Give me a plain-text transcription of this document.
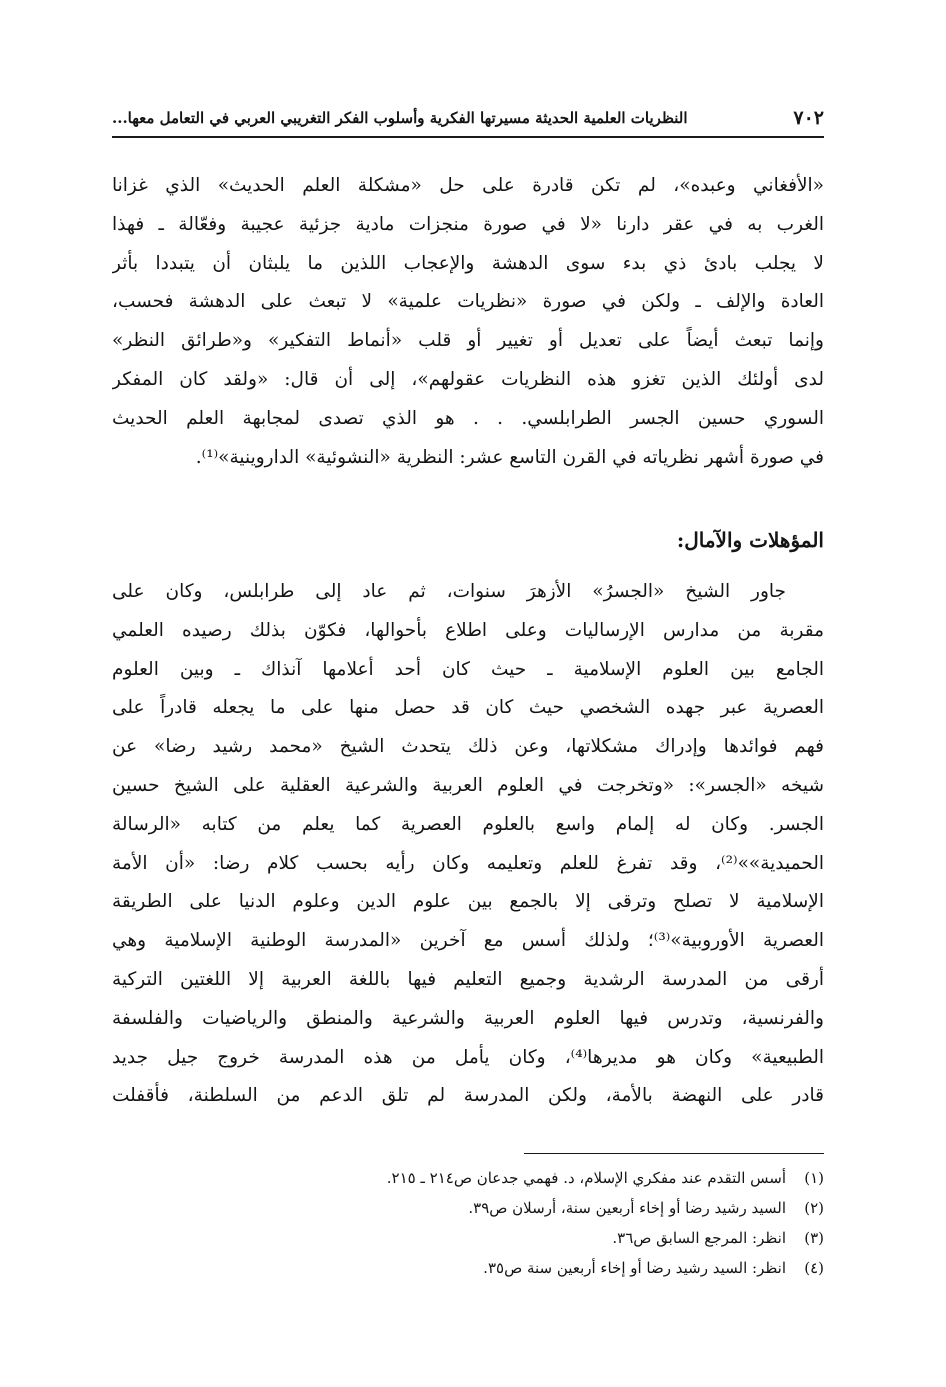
٧٠٢
النظريات العلمية الحديثة مسيرتها الفكرية وأسلوب الفكر التغريبي العربي في التعامل معها...
«الأفغاني وعبده»، لم تكن قادرة على حل «مشكلة العلم الحديث» الذي غزانا
الغرب به في عقر دارنا «لا في صورة منجزات مادية جزئية عجيبة وفعّالة ـ فهذا
لا يجلب بادئ ذي بدء سوى الدهشة والإعجاب اللذين ما يلبثان أن يتبددا بأثر
العادة والإلف ـ ولكن في صورة «نظريات علمية» لا تبعث على الدهشة فحسب،
وإنما تبعث أيضاً على تعديل أو تغيير أو قلب «أنماط التفكير» و«طرائق النظر»
لدى أولئك الذين تغزو هذه النظريات عقولهم»، إلى أن قال: «ولقد كان المفكر
السوري حسين الجسر الطرابلسي. . . هو الذي تصدى لمجابهة العلم الحديث
في صورة أشهر نظرياته في القرن التاسع عشر: النظرية «النشوئية» الداروينية»⁽¹⁾.
المؤهلات والآمال:
جاور الشيخ «الجسرُ» الأزهرَ سنوات، ثم عاد إلى طرابلس، وكان على
مقربة من مدارس الإرساليات وعلى اطلاع بأحوالها، فكوّن بذلك رصيده العلمي
الجامع بين العلوم الإسلامية ـ حيث كان أحد أعلامها آنذاك ـ وبين العلوم
العصرية عبر جهده الشخصي حيث كان قد حصل منها على ما يجعله قادراً على
فهم فوائدها وإدراك مشكلاتها، وعن ذلك يتحدث الشيخ «محمد رشيد رضا» عن
شيخه «الجسر»: «وتخرجت في العلوم العربية والشرعية العقلية على الشيخ حسين
الجسر. وكان له إلمام واسع بالعلوم العصرية كما يعلم من كتابه «الرسالة
الحميدية»»⁽²⁾، وقد تفرغ للعلم وتعليمه وكان رأيه بحسب كلام رضا: «أن الأمة
الإسلامية لا تصلح وترقى إلا بالجمع بين علوم الدين وعلوم الدنيا على الطريقة
العصرية الأوروبية»⁽³⁾؛ ولذلك أسس مع آخرين «المدرسة الوطنية الإسلامية وهي
أرقى من المدرسة الرشدية وجميع التعليم فيها باللغة العربية إلا اللغتين التركية
والفرنسية، وتدرس فيها العلوم العربية والشرعية والمنطق والرياضيات والفلسفة
الطبيعية» وكان هو مديرها⁽⁴⁾، وكان يأمل من هذه المدرسة خروج جيل جديد
قادر على النهضة بالأمة، ولكن المدرسة لم تلق الدعم من السلطنة، فأقفلت
(١)أسس التقدم عند مفكري الإسلام، د. فهمي جدعان ص٢١٤ ـ ٢١٥.
(٢)السيد رشيد رضا أو إخاء أربعين سنة، أرسلان ص٣٩.
(٣)انظر: المرجع السابق ص٣٦.
(٤)انظر: السيد رشيد رضا أو إخاء أربعين سنة ص٣٥.
